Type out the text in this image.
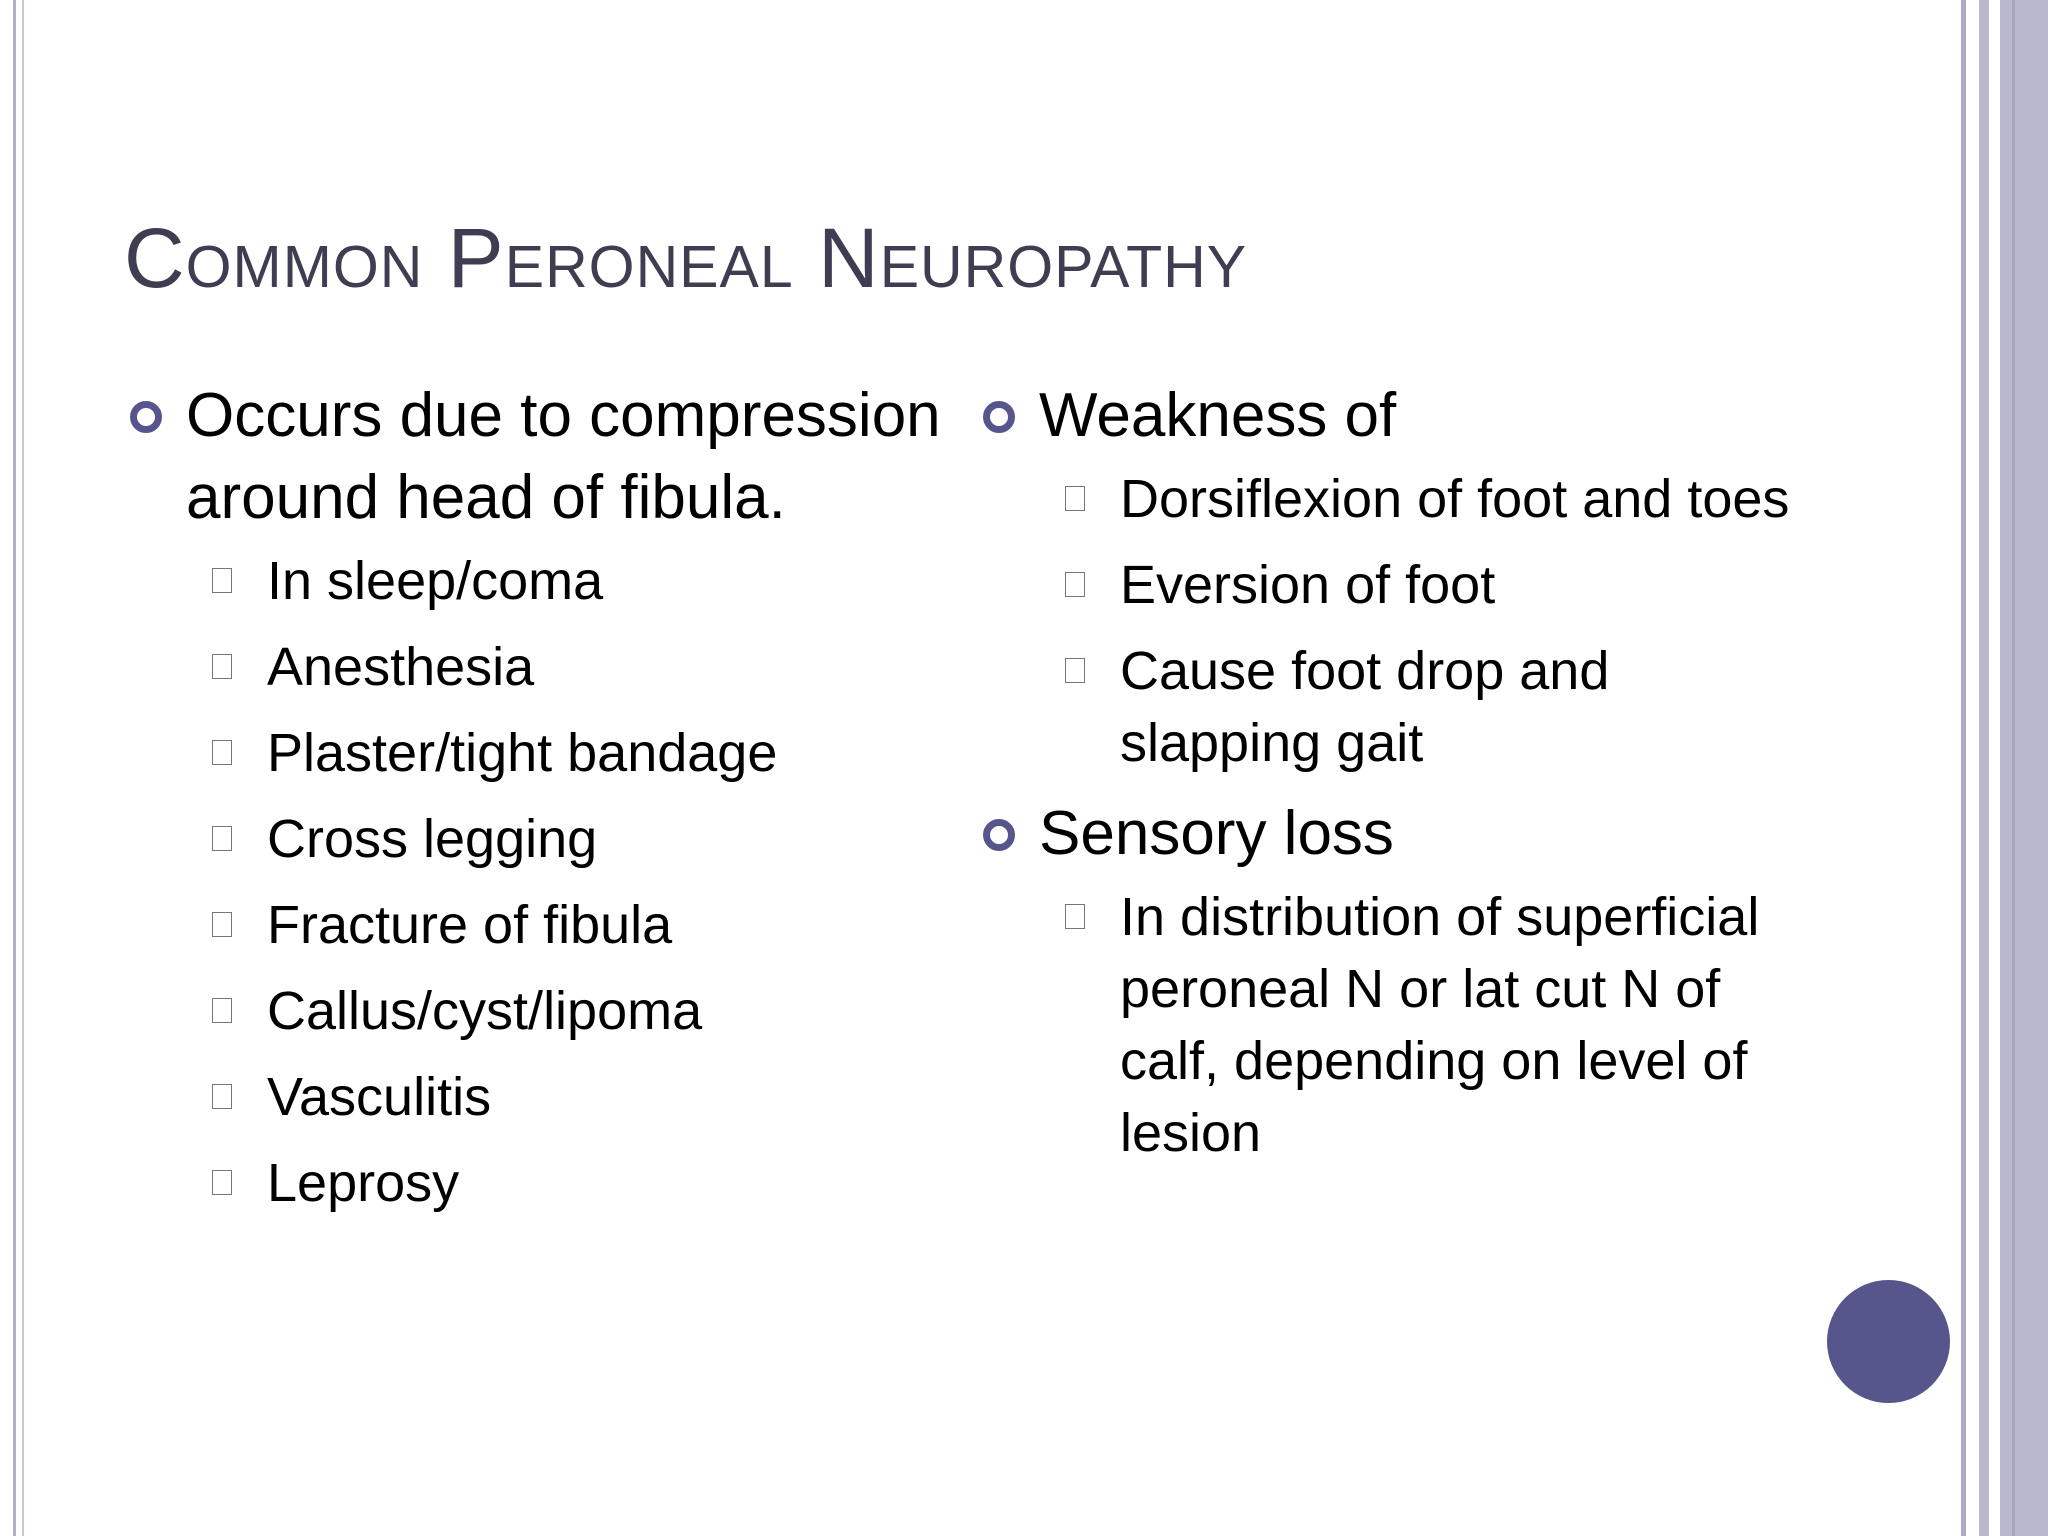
Common Peroneal Neuropathy
Occurs due to compression around head of fibula.
In sleep/coma
Anesthesia
Plaster/tight bandage
Cross legging
Fracture of fibula
Callus/cyst/lipoma
Vasculitis
Leprosy
Weakness of
Dorsiflexion of foot and toes
Eversion of foot
Cause foot drop and slapping gait
Sensory loss
In distribution of superficial peroneal N or lat cut N of calf, depending on level of lesion
